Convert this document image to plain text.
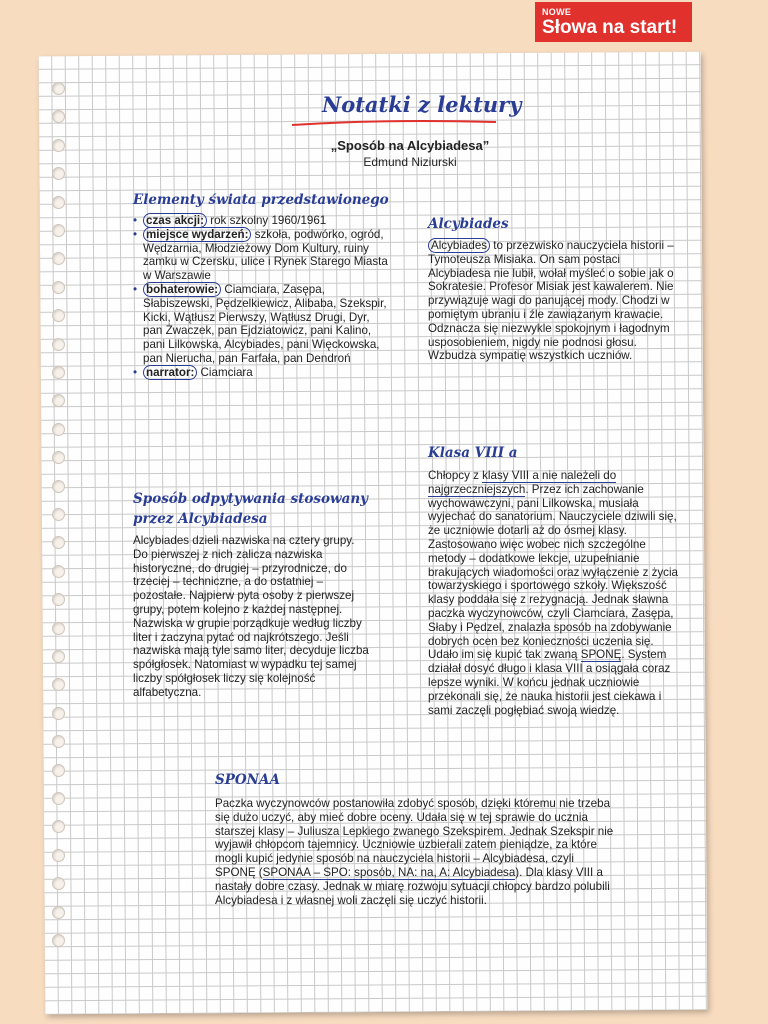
NOWE
Słowa na start!
Notatki z lektury
„Sposób na Alcybiadesa”
Edmund Niziurski
Elementy świata przedstawionego
• czas akcji: rok szkolny 1960/1961
• miejsce wydarzeń: szkoła, podwórko, ogród, Wędzarnia, Młodzieżowy Dom Kultury, ruiny zamku w Czersku, ulice i Rynek Starego Miasta w Warszawie
• bohaterowie: Ciamciara, Zasępa, Słabiszewski, Pędzelkiewicz, Alibaba, Szekspir, Kicki, Wątłusz Pierwszy, Wątłusz Drugi, Dyr, pan Żwaczek, pan Ejdziatowicz, pani Kalino, pani Lilkowska, Alcybiades, pani Więckowska, pan Nierucha, pan Farfała, pan Dendroń
• narrator: Ciamciara
Alcybiades

Alcybiades to przezwisko nauczyciela historii – Tymoteusza Misiaka. On sam postaci Alcybiadesa nie lubił, wołał myśleć o sobie jak o Sokratesie. Profesor Misiak jest kawalerem. Nie przywiązuje wagi do panującej mody. Chodzi w pomiętym ubraniu i źle zawiązanym krawacie. Odznacza się niezwykle spokojnym i łagodnym usposobieniem, nigdy nie podnosi głosu. Wzbudza sympatię wszystkich uczniów.

Klasa VIII a

Chłopcy z klasy VIII a nie należeli do najgrzeczniejszych. Przez ich zachowanie wychowawczyni, pani Lilkowska, musiała wyjechać do sanatorium. Nauczyciele dziwili się, że uczniowie dotarli aż do ósmej klasy. Zastosowano więc wobec nich szczególne metody – dodatkowe lekcje, uzupełnianie brakujących wiadomości oraz wyłączenie z życia towarzyskiego i sportowego szkoły. Większość klasy poddała się z rezygnacją. Jednak sławna paczka wyczynowców, czyli Ciamciara, Zasępa, Słaby i Pędzel, znalazła sposób na zdobywanie dobrych ocen bez konieczności uczenia się. Udało im się kupić tak zwaną SPONĘ. System działał dosyć długo i klasa VIII a osiągała coraz lepsze wyniki. W końcu jednak uczniowie przekonali się, że nauka historii jest ciekawa i sami zaczęli pogłębiać swoją wiedzę.

Sposób odpytywania stosowany
przez Alcybiadesa

Alcybiades dzieli nazwiska na cztery grupy. Do pierwszej z nich zalicza nazwiska historyczne, do drugiej – przyrodnicze, do trzeciej – techniczne, a do ostatniej – pozostałe. Najpierw pyta osoby z pierwszej grupy, potem kolejno z każdej następnej. Nazwiska w grupie porządkuje według liczby liter i zaczyna pytać od najkrótszego. Jeśli nazwiska mają tyle samo liter, decyduje liczba spółgłosek. Natomiast w wypadku tej samej liczby spółgłosek liczy się kolejność alfabetyczna.

SPONAA

Paczka wyczynowców postanowiła zdobyć sposób, dzięki któremu nie trzeba się dużo uczyć, aby mieć dobre oceny. Udała się w tej sprawie do ucznia starszej klasy – Juliusza Lepkiego zwanego Szekspirem. Jednak Szekspir nie wyjawił chłopcom tajemnicy. Uczniowie uzbierali zatem pieniądze, za które mogli kupić jedynie sposób na nauczyciela historii – Alcybiadesa, czyli SPONĘ (SPONAA – SPO: sposób, NA: na, A: Alcybiadesa). Dla klasy VIII a nastały dobre czasy. Jednak w miarę rozwoju sytuacji chłopcy bardzo polubili Alcybiadesa i z własnej woli zaczęli się uczyć historii.
